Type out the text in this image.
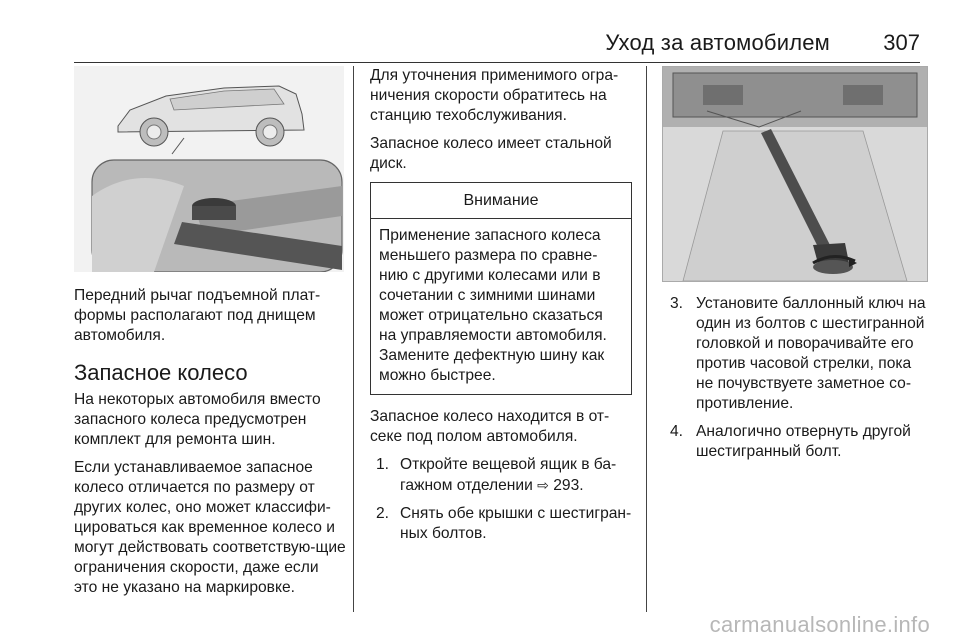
Уход за автомобилем 307

Передний рычаг подъемной плат-формы располагают под днищем автомобиля.

Запасное колесо

На некоторых автомобиля вместо запасного колеса предусмотрен комплект для ремонта шин.

Если устанавливаемое запасное колесо отличается по размеру от других колес, оно может классифи-цироваться как временное колесо и могут действовать соответствую-щие ограничения скорости, даже если это не указано на маркировке.

Для уточнения применимого огра-ничения скорости обратитесь на станцию техобслуживания.

Запасное колесо имеет стальной диск.

Внимание
Применение запасного колеса меньшего размера по сравне-нию с другими колесами или в сочетании с зимними шинами может отрицательно сказаться на управляемости автомобиля. Замените дефектную шину как можно быстрее.

Запасное колесо находится в от-секе под полом автомобиля.

1. Откройте вещевой ящик в ба-гажном отделении ⇨ 293.
2. Снять обе крышки с шестигран-ных болтов.
3. Установите баллонный ключ на один из болтов с шестигранной головкой и поворачивайте его против часовой стрелки, пока не почувствуете заметное со-противление.
4. Аналогично отвернуть другой шестигранный болт.
carmanualsonline.info
